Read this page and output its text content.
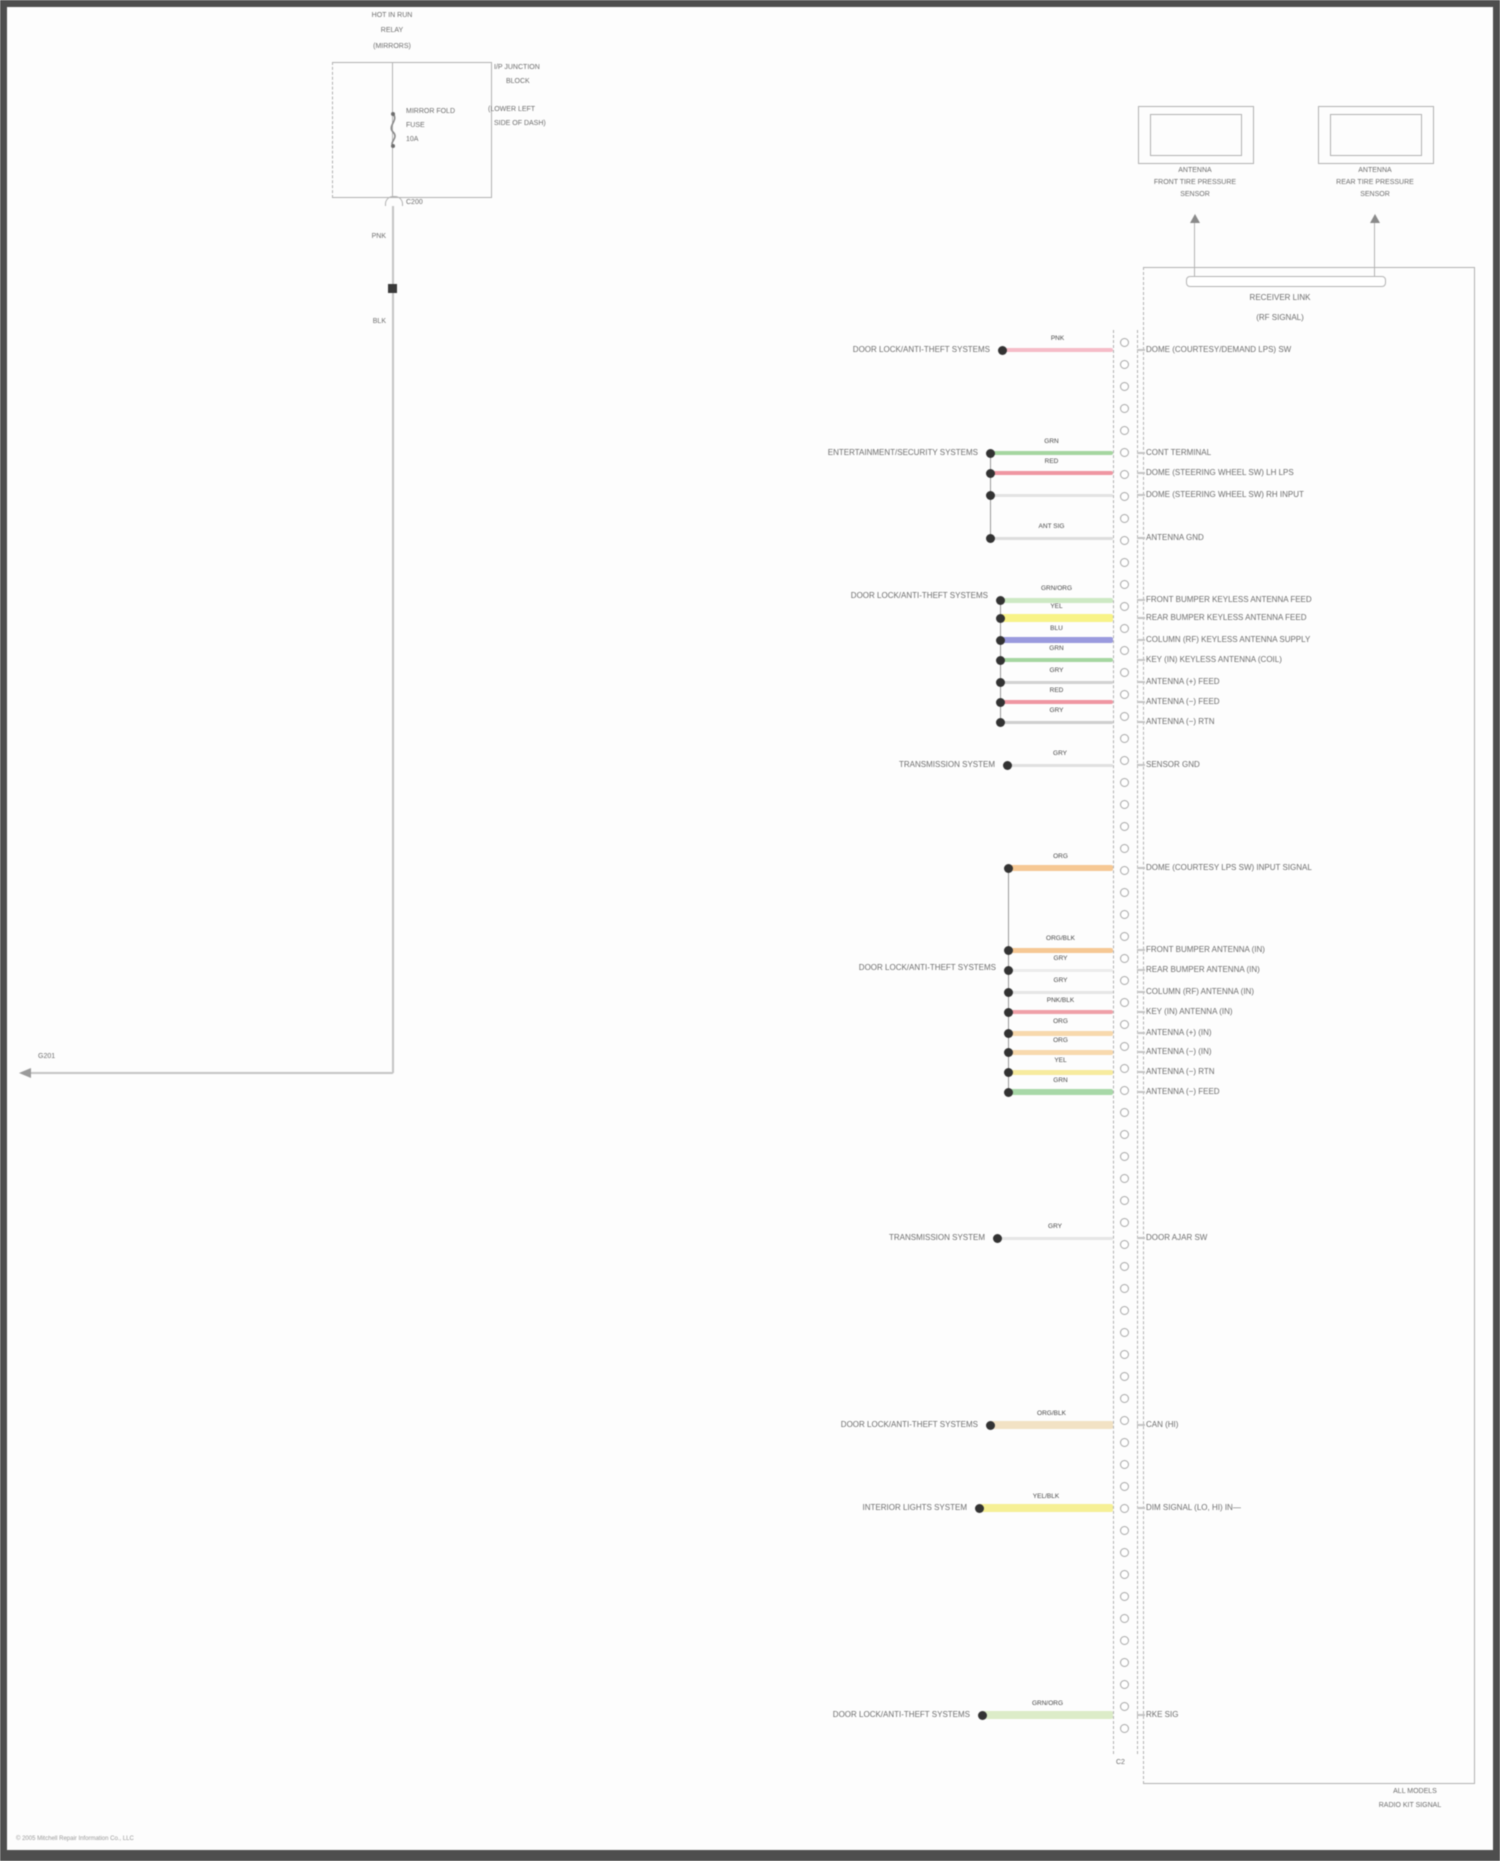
HOT IN RUN
RELAY
(MIRRORS)
MIRROR FOLD
FUSE
10A
I/P JUNCTION
BLOCK
(LOWER LEFT
SIDE OF DASH)
C200
PNK
BLK
G201
ANTENNA
FRONT TIRE PRESSURE
SENSOR
ANTENNA
REAR TIRE PRESSURE
SENSOR
RECEIVER LINK
(RF SIGNAL)
C2
ALL MODELS
RADIO KIT SIGNAL
DOOR LOCK/ANTI-THEFT SYSTEMS
PNK
DOME (COURTESY/DEMAND LPS) SW
ENTERTAINMENT/SECURITY SYSTEMS
GRN
CONT TERMINAL
RED
DOME (STEERING WHEEL SW) LH LPS
DOME (STEERING WHEEL SW) RH INPUT
ANT SIG
ANTENNA GND
DOOR LOCK/ANTI-THEFT SYSTEMS
GRN/ORG
FRONT BUMPER KEYLESS ANTENNA FEED
YEL
REAR BUMPER KEYLESS ANTENNA FEED
BLU
COLUMN (RF) KEYLESS ANTENNA SUPPLY
GRN
KEY (IN) KEYLESS ANTENNA (COIL)
GRY
ANTENNA (+) FEED
RED
ANTENNA (−) FEED
GRY
ANTENNA (−) RTN
TRANSMISSION SYSTEM
GRY
SENSOR GND
DOOR LOCK/ANTI-THEFT SYSTEMS
ORG
DOME (COURTESY LPS SW) INPUT SIGNAL
ORG/BLK
FRONT BUMPER ANTENNA (IN)
GRY
REAR BUMPER ANTENNA (IN)
GRY
COLUMN (RF) ANTENNA (IN)
PNK/BLK
KEY (IN) ANTENNA (IN)
ORG
ANTENNA (+) (IN)
ORG
ANTENNA (−) (IN)
YEL
ANTENNA (−) RTN
GRN
ANTENNA (−) FEED
TRANSMISSION SYSTEM
GRY
DOOR AJAR SW
DOOR LOCK/ANTI-THEFT SYSTEMS
ORG/BLK
CAN (HI)
INTERIOR LIGHTS SYSTEM
YEL/BLK
DIM SIGNAL (LO, HI) IN—
DOOR LOCK/ANTI-THEFT SYSTEMS
GRN/ORG
RKE SIG
© 2005 Mitchell Repair Information Co., LLC
